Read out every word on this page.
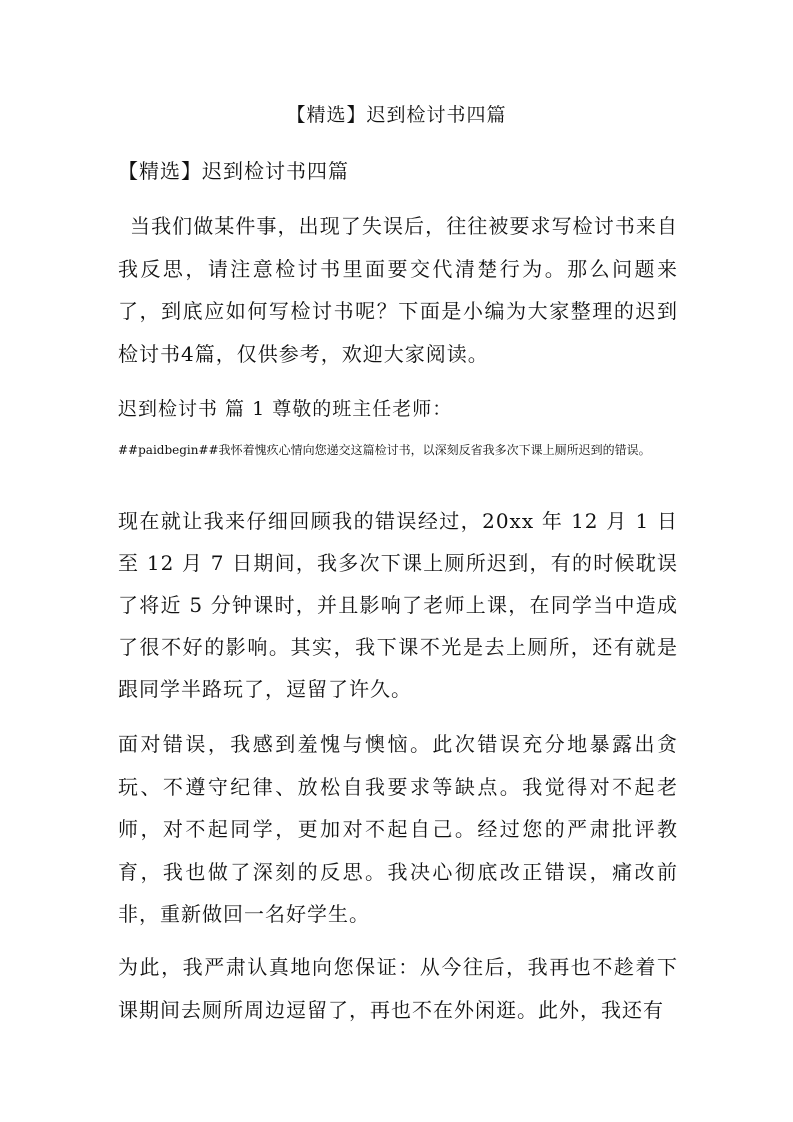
【精选】迟到检讨书四篇
【精选】迟到检讨书四篇

当我们做某件事，出现了失误后，往往被要求写检讨书来自我反思，请注意检讨书里面要交代清楚行为。那么问题来了，到底应如何写检讨书呢？下面是小编为大家整理的迟到检讨书4篇，仅供参考，欢迎大家阅读。

迟到检讨书 篇 1 尊敬的班主任老师：

##paidbegin##我怀着愧疚心情向您递交这篇检讨书，以深刻反省我多次下课上厕所迟到的错误。

现在就让我来仔细回顾我的错误经过，20xx 年 12 月 1 日至 12 月 7 日期间，我多次下课上厕所迟到，有的时候耽误了将近 5 分钟课时，并且影响了老师上课，在同学当中造成了很不好的影响。其实，我下课不光是去上厕所，还有就是跟同学半路玩了，逗留了许久。

面对错误，我感到羞愧与懊恼。此次错误充分地暴露出贪玩、不遵守纪律、放松自我要求等缺点。我觉得对不起老师，对不起同学，更加对不起自己。经过您的严肃批评教育，我也做了深刻的反思。我决心彻底改正错误，痛改前非，重新做回一名好学生。

为此，我严肃认真地向您保证：从今往后，我再也不趁着下课期间去厕所周边逗留了，再也不在外闲逛。此外，我还有
